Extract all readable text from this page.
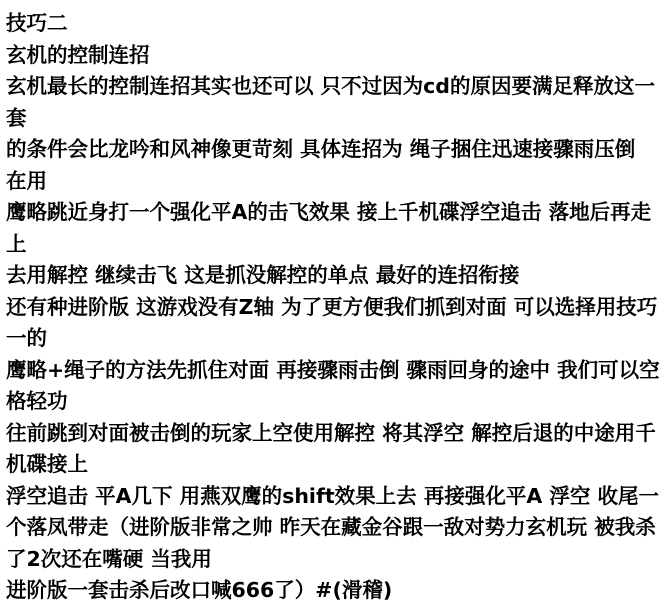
技巧二
玄机的控制连招
玄机最长的控制连招其实也还可以 只不过因为cd的原因要满足释放这一套
的条件会比龙吟和风神像更苛刻 具体连招为 绳子捆住迅速接骤雨压倒 在用
鹰略跳近身打一个强化平A的击飞效果 接上千机碟浮空追击 落地后再走上
去用解控 继续击飞 这是抓没解控的单点 最好的连招衔接
还有种进阶版 这游戏没有Z轴 为了更方便我们抓到对面 可以选择用技巧一的
鹰略+绳子的方法先抓住对面 再接骤雨击倒 骤雨回身的途中 我们可以空格轻功
往前跳到对面被击倒的玩家上空使用解控 将其浮空 解控后退的中途用千机碟接上
浮空追击 平A几下 用燕双鹰的shift效果上去 再接强化平A 浮空 收尾一个落凤带走（进阶版非常之帅 昨天在藏金谷跟一敌对势力玄机玩 被我杀了2次还在嘴硬 当我用
进阶版一套击杀后改口喊666了）#(滑稽)
